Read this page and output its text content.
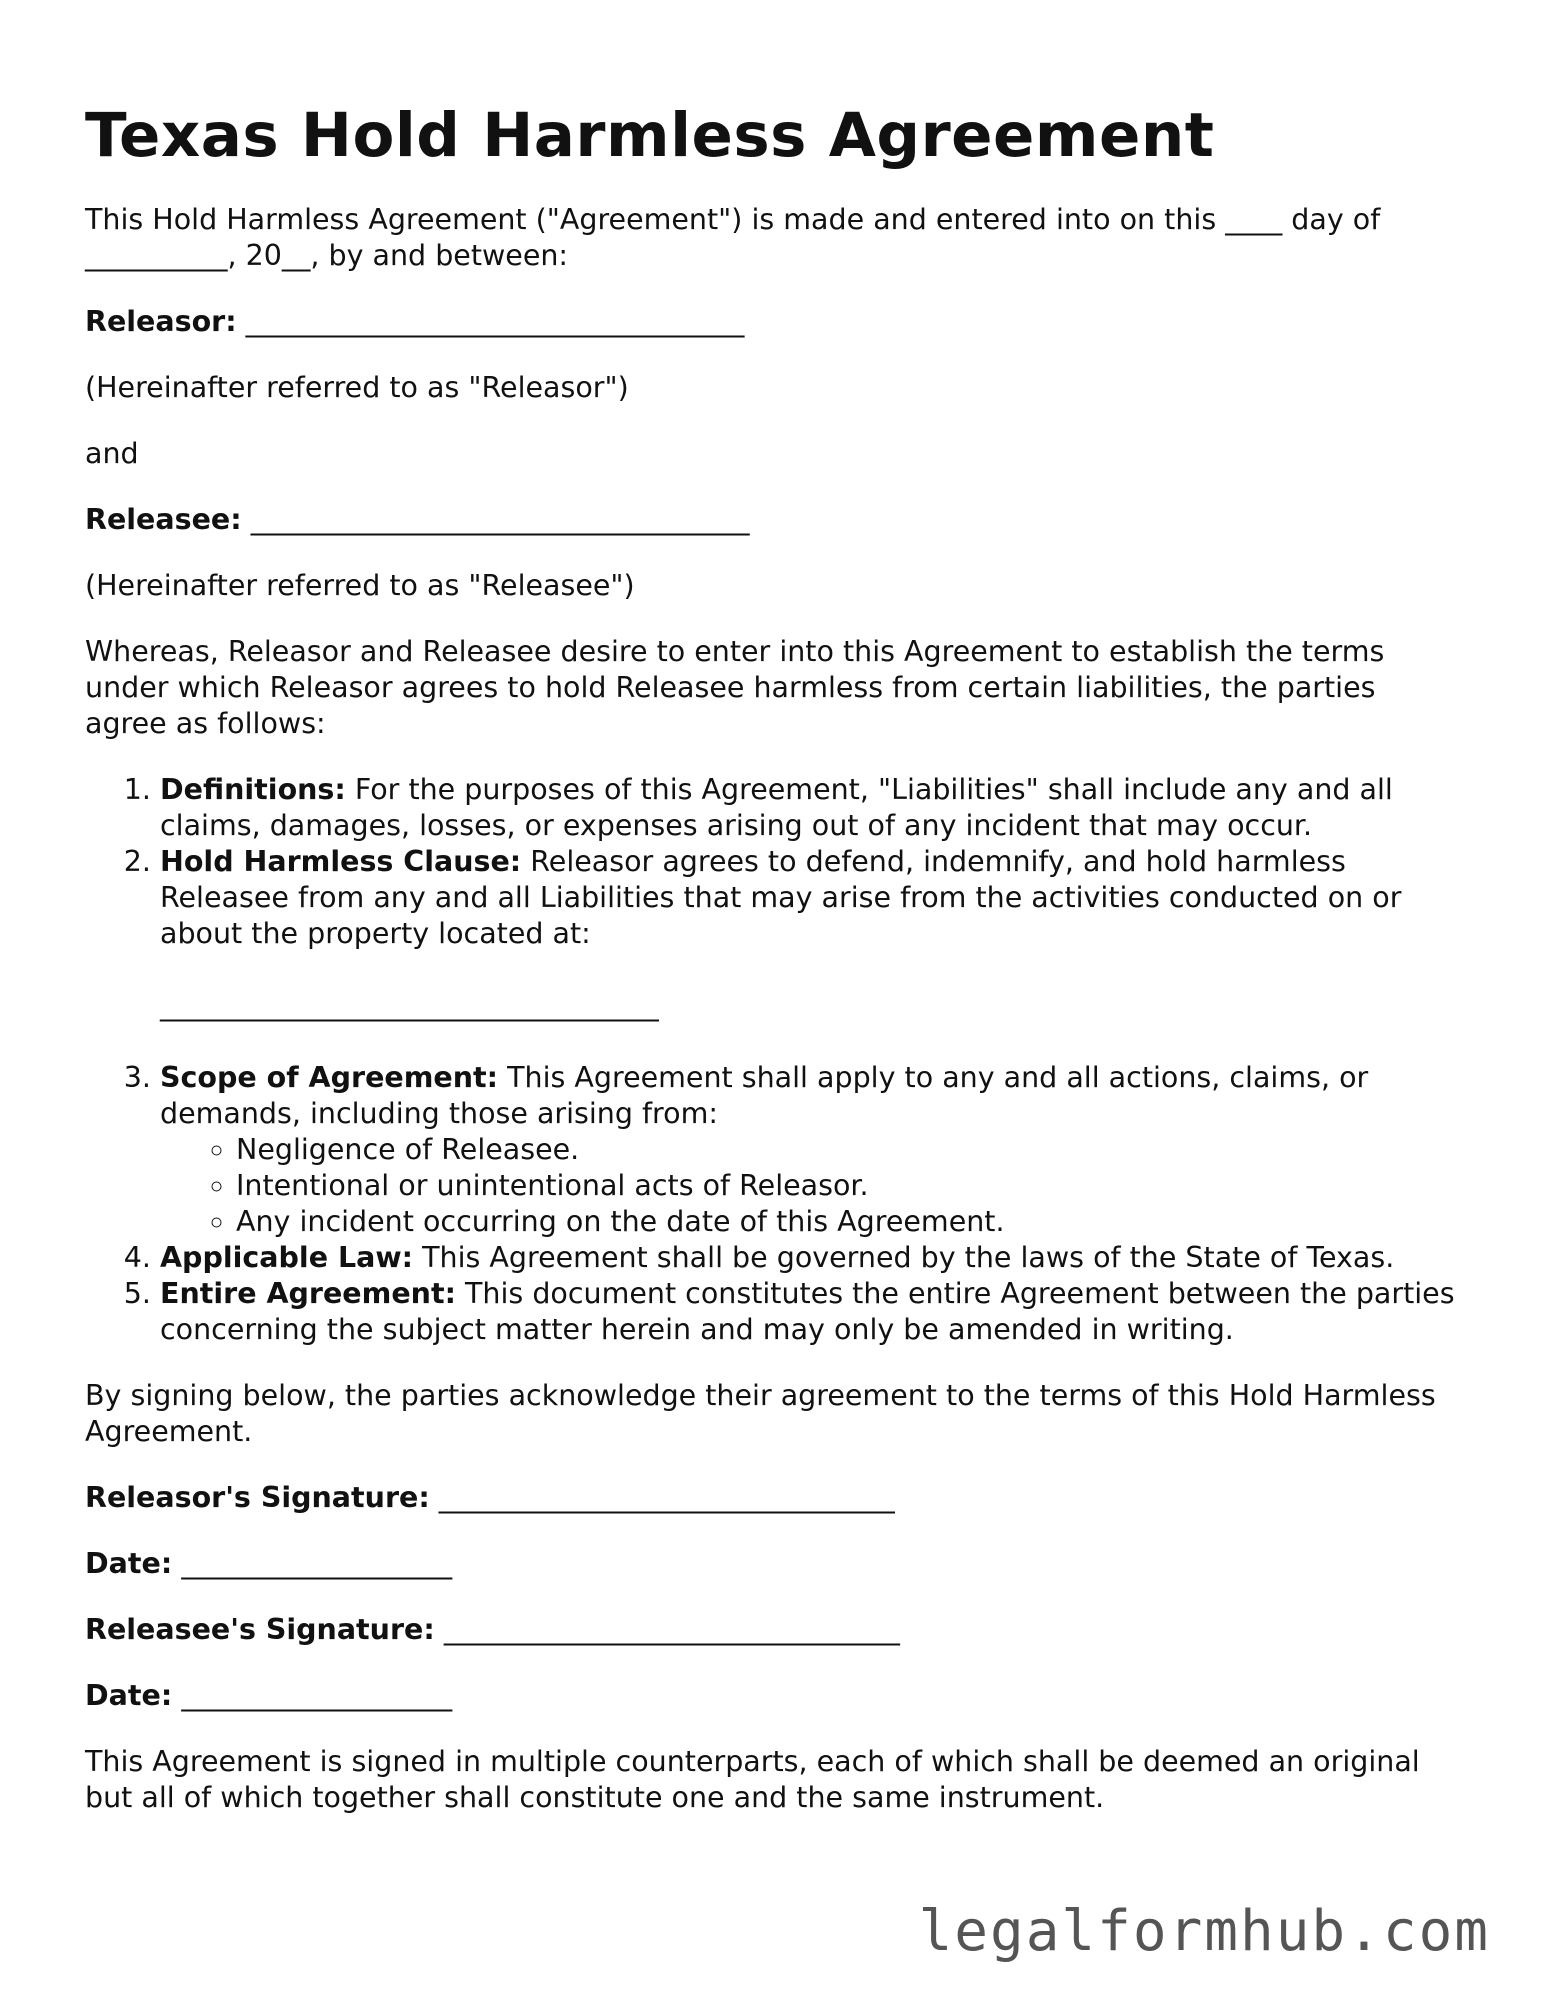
Texas Hold Harmless Agreement

This Hold Harmless Agreement ("Agreement") is made and entered into on this ____ day of __________, 20__, by and between:

Releasor: ___________________________________

(Hereinafter referred to as "Releasor")

and

Releasee: ___________________________________

(Hereinafter referred to as "Releasee")

Whereas, Releasor and Releasee desire to enter into this Agreement to establish the terms under which Releasor agrees to hold Releasee harmless from certain liabilities, the parties agree as follows:

1. Definitions: For the purposes of this Agreement, "Liabilities" shall include any and all claims, damages, losses, or expenses arising out of any incident that may occur.
2. Hold Harmless Clause: Releasor agrees to defend, indemnify, and hold harmless Releasee from any and all Liabilities that may arise from the activities conducted on or about the property located at:
___________________________________
3. Scope of Agreement: This Agreement shall apply to any and all actions, claims, or demands, including those arising from:
◦ Negligence of Releasee.
◦ Intentional or unintentional acts of Releasor.
◦ Any incident occurring on the date of this Agreement.
4. Applicable Law: This Agreement shall be governed by the laws of the State of Texas.
5. Entire Agreement: This document constitutes the entire Agreement between the parties concerning the subject matter herein and may only be amended in writing.

By signing below, the parties acknowledge their agreement to the terms of this Hold Harmless Agreement.

Releasor's Signature: ________________________________
Date: ___________________
Releasee's Signature: ________________________________
Date: ___________________

This Agreement is signed in multiple counterparts, each of which shall be deemed an original but all of which together shall constitute one and the same instrument.

legalformhub.com
